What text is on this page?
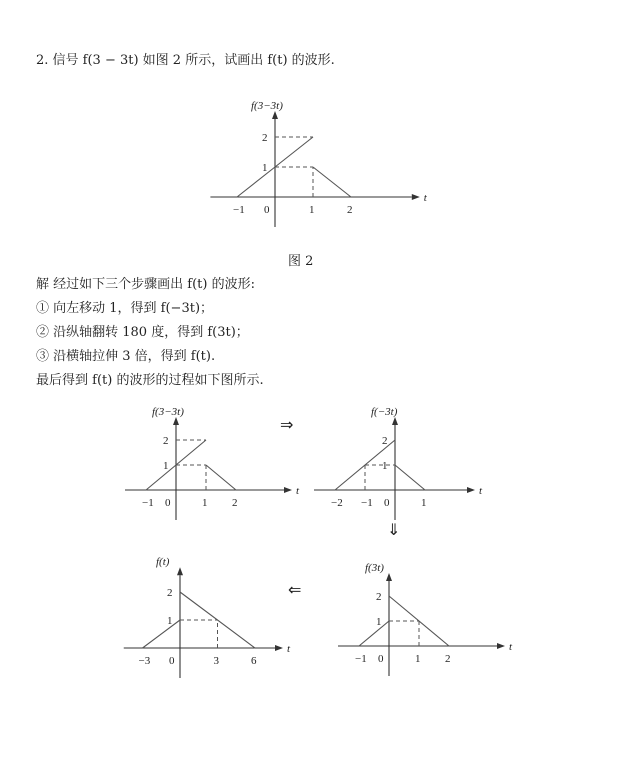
2. 信号 f(3 − 3t) 如图 2 所示，试画出 f(t) 的波形.
图 2
解 经过如下三个步骤画出 f(t) 的波形:
① 向左移动 1，得到 f(−3t)；
② 沿纵轴翻转 180 度，得到 f(3t)；
③ 沿横轴拉伸 3 倍，得到 f(t).
最后得到 f(t) 的波形的过程如下图所示.
⇒
⇓
⇐
−1 0	1	2
1
2
t
f(3−3t)
−1 0	1 2
1
2
t
f(3−3t)
−2 −1 0	1
1
2
t
f(−3t)
−3 0	3	6
1
2
t
f(t)
−1 0	1 2
1
2
t
f(3t)
